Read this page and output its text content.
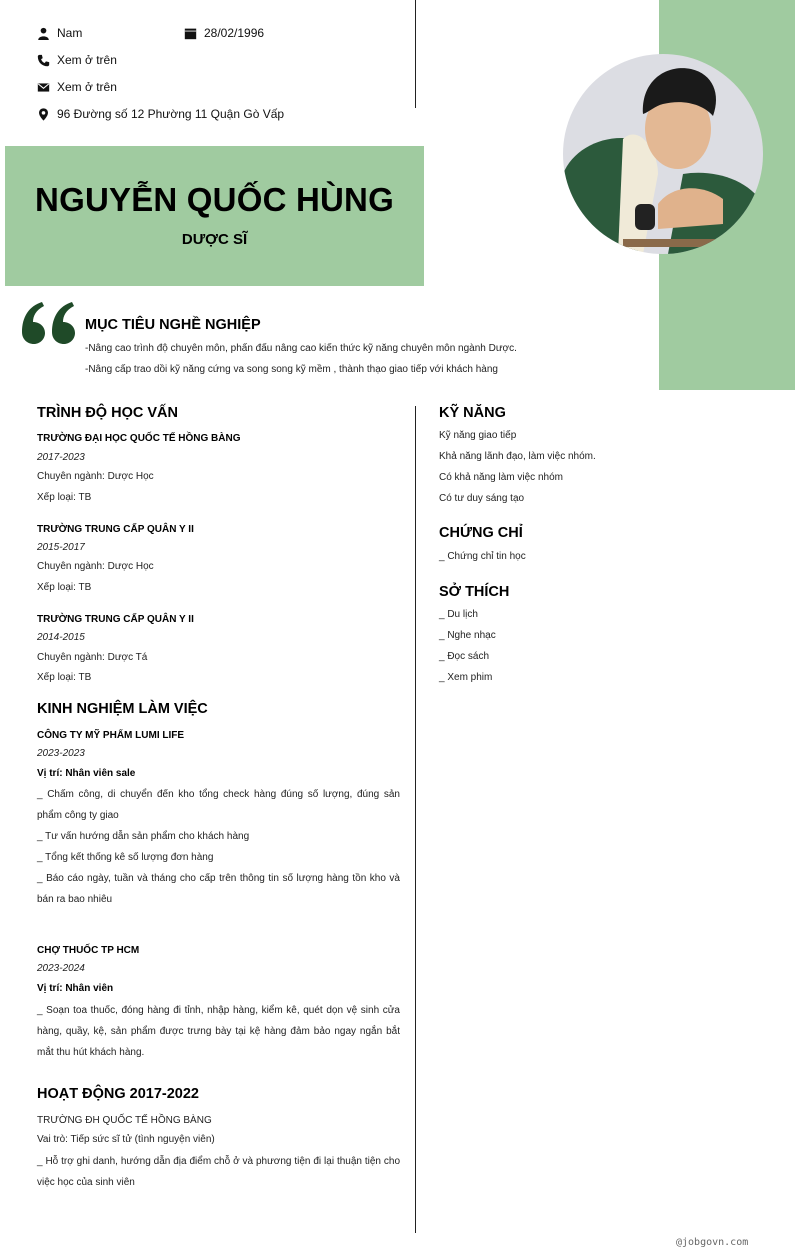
Nam	28/02/1996
Xem ở trên
Xem ở trên
96 Đường số 12 Phường 11 Quận Gò Vấp
NGUYỄN QUỐC HÙNG
DƯỢC SĨ
MỤC TIÊU NGHỀ NGHIỆP
-Nâng cao trình độ chuyên môn, phấn đấu nâng cao kiến thức kỹ năng chuyên môn ngành Dược.
-Nâng cấp trao dồi kỹ năng cứng va song song kỹ mềm , thành thạo giao tiếp với khách hàng
TRÌNH ĐỘ HỌC VẤN
TRƯỜNG ĐẠI HỌC QUỐC TẾ HỒNG BÀNG
2017-2023
Chuyên ngành: Dược Học
Xếp loại: TB
TRƯỜNG TRUNG CẤP QUÂN Y II
2015-2017
Chuyên ngành: Dược Học
Xếp loại: TB
TRƯỜNG TRUNG CẤP QUÂN Y II
2014-2015
Chuyên ngành: Dược Tá
Xếp loại: TB
KINH NGHIỆM LÀM VIỆC
CÔNG TY MỸ PHẨM LUMI LIFE
2023-2023
Vị trí: Nhân viên sale
_ Chấm công, di chuyển đến kho tổng check hàng đúng số lượng, đúng sản phẩm công ty giao
_ Tư vấn hướng dẫn sản phẩm cho khách hàng
_ Tổng kết thống kê số lượng đơn hàng
_ Báo cáo ngày, tuần và tháng cho cấp trên thông tin số lượng hàng tồn kho và bán ra bao nhiêu
CHỢ THUỐC TP HCM
2023-2024
Vị trí: Nhân viên
_ Soạn toa thuốc, đóng hàng đi tỉnh, nhập hàng, kiểm kê, quét dọn vệ sinh cửa hàng, quầy, kệ, sản phẩm được trưng bày tại kệ hàng đảm bảo ngay ngắn bắt mắt thu hút khách hàng.
HOẠT ĐỘNG 2017-2022
TRƯỜNG ĐH QUỐC TẾ HỒNG BÀNG
Vai trò: Tiếp sức sĩ tử (tình nguyện viên)
_ Hỗ trợ ghi danh, hướng dẫn địa điểm chỗ ở và phương tiện đi lại thuận tiện cho việc học của sinh viên
KỸ NĂNG
Kỹ năng giao tiếp
Khả năng lãnh đạo, làm việc nhóm.
Có khả năng làm việc nhóm
Có tư duy sáng tạo
CHỨNG CHỈ
_ Chứng chỉ tin học
SỞ THÍCH
_ Du lịch
_ Nghe nhạc
_ Đọc sách
_ Xem phim
@jobgovn.com
